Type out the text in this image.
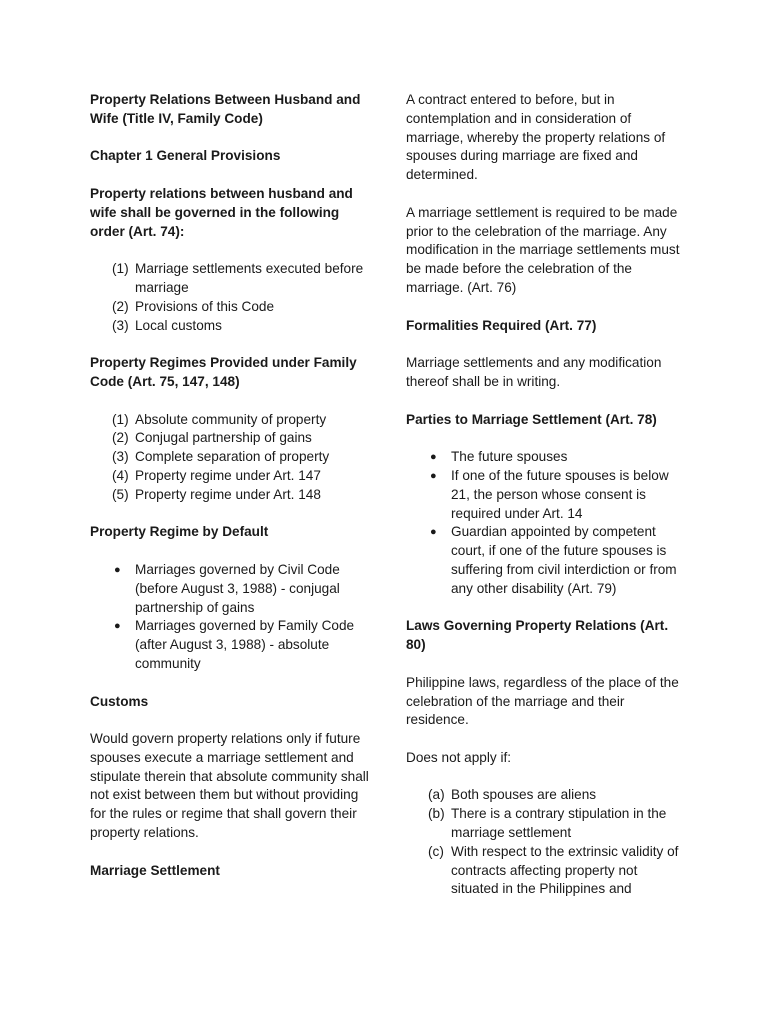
Property Relations Between Husband and Wife (Title IV, Family Code)
Chapter 1 General Provisions
Property relations between husband and wife shall be governed in the following order (Art. 74):
(1) Marriage settlements executed before marriage
(2) Provisions of this Code
(3) Local customs
Property Regimes Provided under Family Code (Art. 75, 147, 148)
(1) Absolute community of property
(2) Conjugal partnership of gains
(3) Complete separation of property
(4) Property regime under Art. 147
(5) Property regime under Art. 148
Property Regime by Default
● Marriages governed by Civil Code (before August 3, 1988) - conjugal partnership of gains
● Marriages governed by Family Code (after August 3, 1988) - absolute community
Customs
Would govern property relations only if future spouses execute a marriage settlement and stipulate therein that absolute community shall not exist between them but without providing for the rules or regime that shall govern their property relations.
Marriage Settlement
A contract entered to before, but in contemplation and in consideration of marriage, whereby the property relations of spouses during marriage are fixed and determined.
A marriage settlement is required to be made prior to the celebration of the marriage. Any modification in the marriage settlements must be made before the celebration of the marriage. (Art. 76)
Formalities Required (Art. 77)
Marriage settlements and any modification thereof shall be in writing.
Parties to Marriage Settlement (Art. 78)
● The future spouses
● If one of the future spouses is below 21, the person whose consent is required under Art. 14
● Guardian appointed by competent court, if one of the future spouses is suffering from civil interdiction or from any other disability (Art. 79)
Laws Governing Property Relations (Art. 80)
Philippine laws, regardless of the place of the celebration of the marriage and their residence.
Does not apply if:
(a) Both spouses are aliens
(b) There is a contrary stipulation in the marriage settlement
(c) With respect to the extrinsic validity of contracts affecting property not situated in the Philippines and
